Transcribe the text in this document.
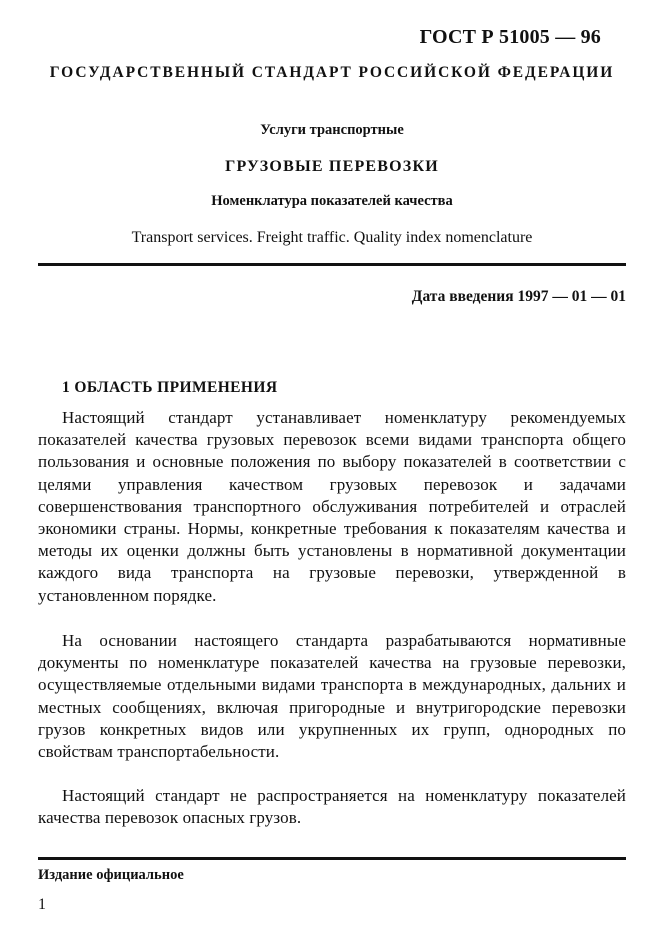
ГОСТ Р 51005 — 96
ГОСУДАРСТВЕННЫЙ СТАНДАРТ РОССИЙСКОЙ ФЕДЕРАЦИИ
Услуги транспортные
ГРУЗОВЫЕ ПЕРЕВОЗКИ
Номенклатура показателей качества
Transport services. Freight traffic. Quality index nomenclature
Дата введения 1997 — 01 — 01
1 ОБЛАСТЬ ПРИМЕНЕНИЯ
Настоящий стандарт устанавливает номенклатуру рекомендуемых показателей качества грузовых перевозок всеми видами транспорта общего пользования и основные положения по выбору показателей в соответствии с целями управления качеством грузовых перевозок и задачами совершенствования транспортного обслуживания потребителей и отраслей экономики страны. Нормы, конкретные требования к показателям качества и методы их оценки должны быть установлены в нормативной документации каждого вида транспорта на грузовые перевозки, утвержденной в установленном порядке.
На основании настоящего стандарта разрабатываются нормативные документы по номенклатуре показателей качества на грузовые перевозки, осуществляемые отдельными видами транспорта в международных, дальних и местных сообщениях, включая пригородные и внутригородские перевозки грузов конкретных видов или укрупненных их групп, однородных по свойствам транспортабельности.
Настоящий стандарт не распространяется на номенклатуру показателей качества перевозок опасных грузов.
Издание официальное
1
